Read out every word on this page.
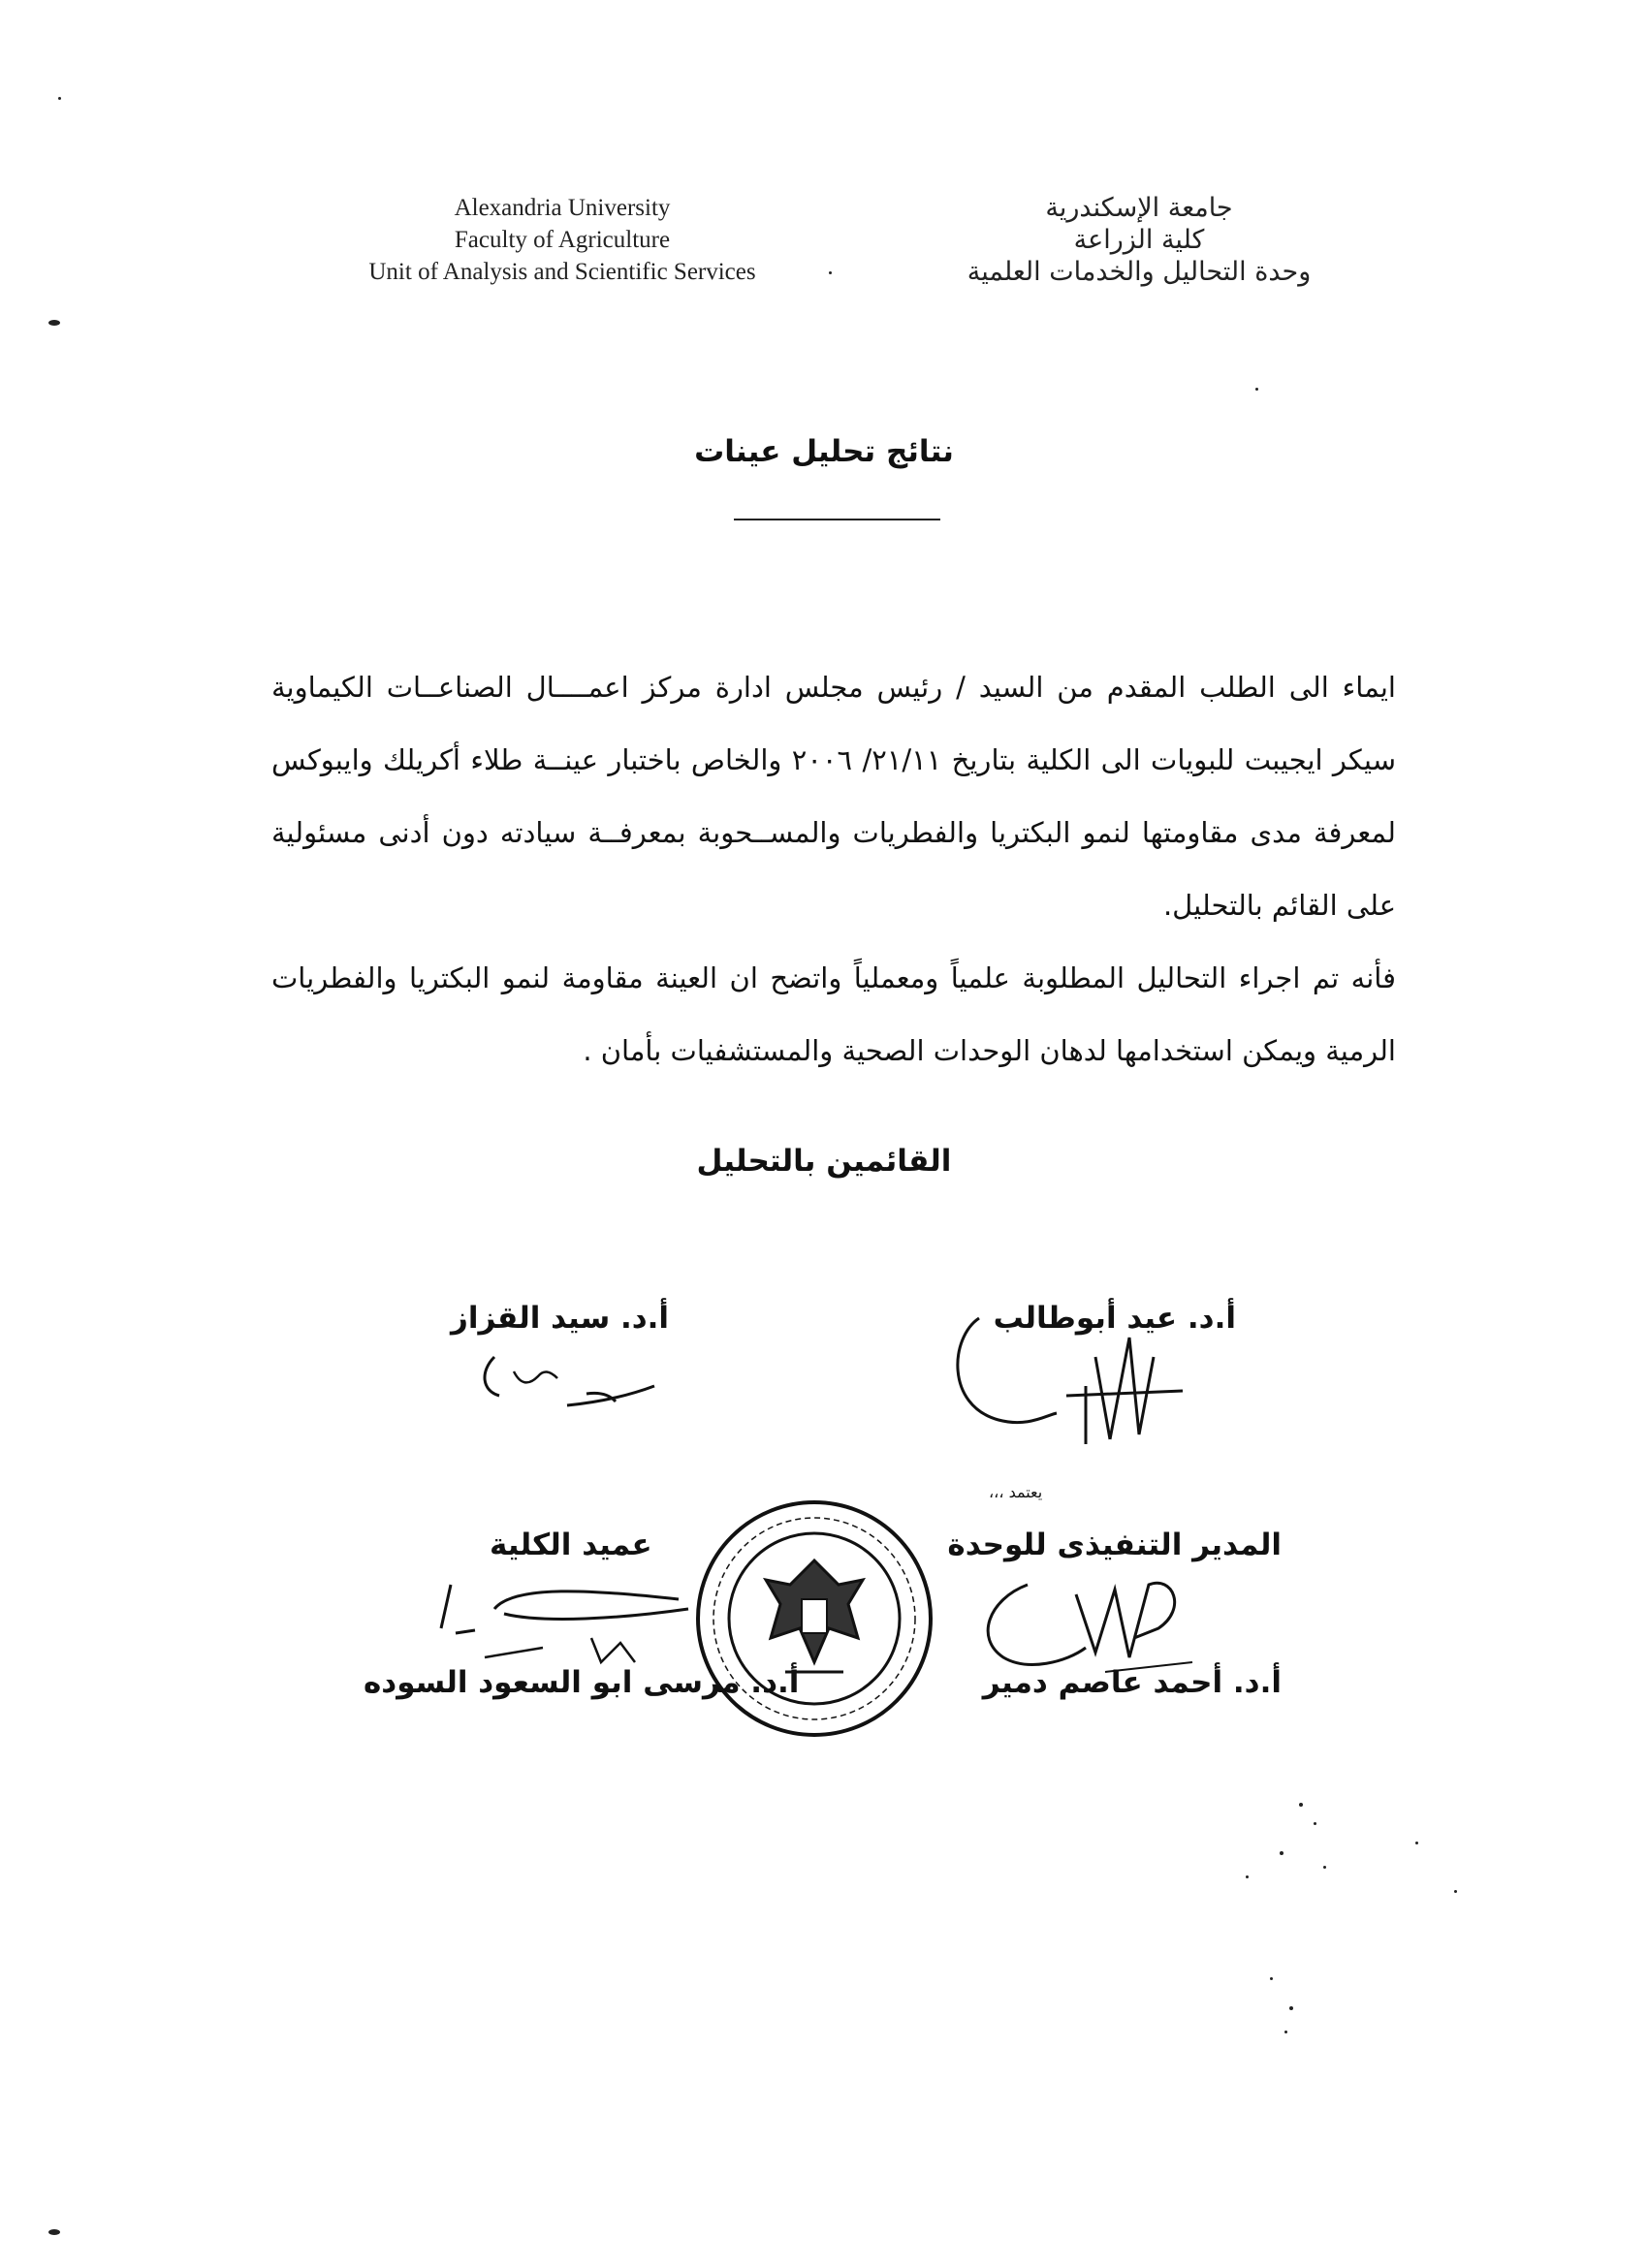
Alexandria University
Faculty of Agriculture
Unit of Analysis and Scientific Services
جامعة الإسكندرية
كلية الزراعة
وحدة التحاليل والخدمات العلمية
نتائج تحليل عينات
ايماء الى الطلب المقدم من السيد / رئيس مجلس ادارة مركز اعمــــال الصناعــات الكيماوية سيكر ايجيبت للبويات الى الكلية بتاريخ ٢١/١١/ ٢٠٠٦ والخاص باختبار عينــة طلاء أكريلك وايبوكس لمعرفة مدى مقاومتها لنمو البكتريا والفطريات والمســحوبة بمعرفــة سيادته دون أدنى مسئولية على القائم بالتحليل.
فأنه تم اجراء التحاليل المطلوبة علمياً ومعملياً واتضح ان العينة مقاومة لنمو البكتريا والفطريات الرمية ويمكن استخدامها لدهان الوحدات الصحية والمستشفيات بأمان .
القائمين بالتحليل
أ.د. عيد أبوطالب
أ.د. سيد القزاز
يعتمد ،،،
المدير التنفيذى للوحدة
أ.د. أحمد عاصم دمير
عميد الكلية
أ.د. مرسى ابو السعود السوده
